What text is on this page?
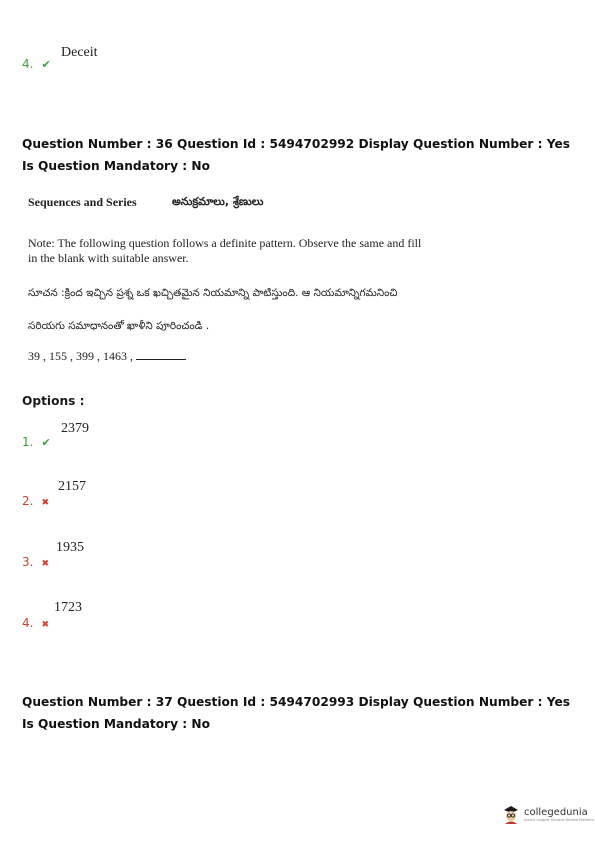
4. ✔
Deceit
Question Number : 36 Question Id : 5494702992 Display Question Number : Yes Is Question Mandatory : No
Sequences and Series	అనుక్రమాలు, శ్రేణులు
Note: The following question follows a definite pattern. Observe the same and fill in the blank with suitable answer.
సూచన :క్రింద ఇచ్చిన ప్రశ్న ఒక ఖచ్చితమైన నియమాన్ని పాటిస్తుంది. ఆ నియమాన్నిగమనించి
సరియగు సమాధానంతో ఖాళీని పూరించండి .
39 , 155 , 399 , 1463 ,
Options :
1. ✔
2379
2. ✖
2157
3. ✖
1935
4. ✖
1723
Question Number : 37 Question Id : 5494702993 Display Question Number : Yes Is Question Mandatory : No
collegedunia
India's Largest Student Review Platform
